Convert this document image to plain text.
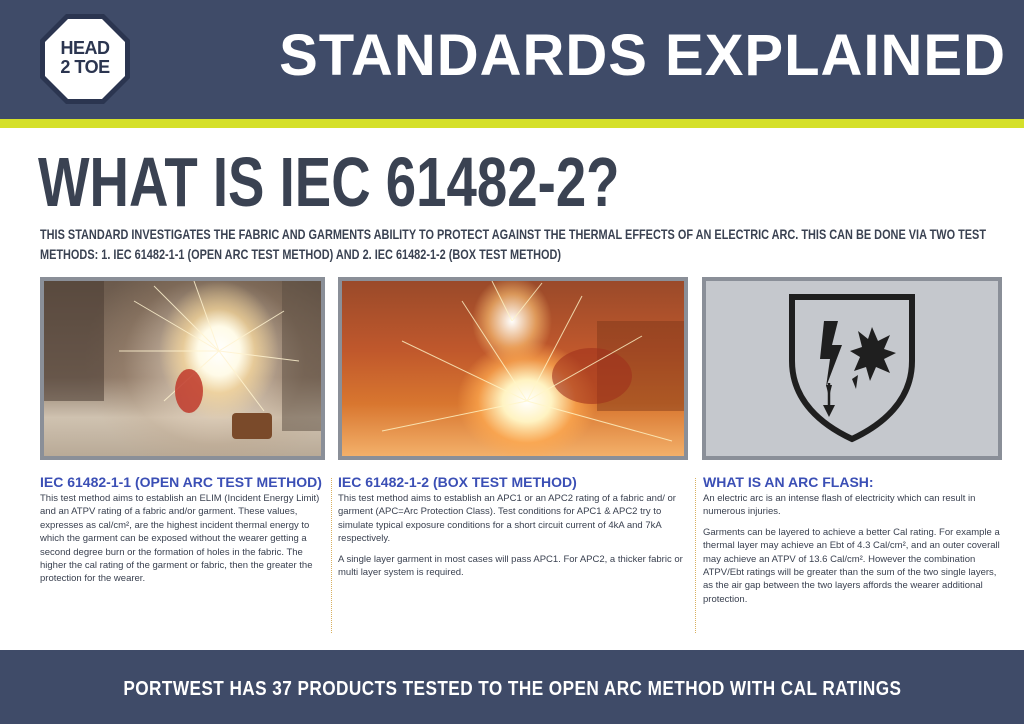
HEAD
2 TOE	STANDARDS EXPLAINED
WHAT IS IEC 61482-2?
THIS STANDARD INVESTIGATES THE FABRIC AND GARMENTS ABILITY TO PROTECT AGAINST THE THERMAL EFFECTS OF AN ELECTRIC ARC. THIS CAN BE DONE VIA TWO TEST METHODS: 1. IEC 61482-1-1 (OPEN ARC TEST METHOD) AND 2. IEC 61482-1-2 (BOX TEST METHOD)
IEC 61482-1-1 (OPEN ARC TEST METHOD)

This test method aims to establish an ELIM (Incident Energy Limit) and an ATPV rating of a fabric and/or garment. These values, expresses as cal/cm², are the highest incident thermal energy to which the garment can be exposed without the wearer getting a second degree burn or the formation of holes in the fabric. The higher the cal rating of the garment or fabric, then the greater the protection for the wearer.

IEC 61482-1-2 (BOX TEST METHOD)

This test method aims to establish an APC1 or an APC2 rating of a fabric and/ or garment (APC=Arc Protection Class). Test conditions for APC1 & APC2 try to simulate typical exposure conditions for a short circuit current of 4kA and 7kA respectively.

A single layer garment in most cases will pass APC1. For APC2, a thicker fabric or multi layer system is required.

WHAT IS AN ARC FLASH:

An electric arc is an intense flash of electricity which can result in numerous injuries.

Garments can be layered to achieve a better Cal rating. For example a thermal layer may achieve an Ebt of 4.3 Cal/cm², and an outer coverall may achieve an ATPV of 13.6 Cal/cm². However the combination ATPV/Ebt ratings will be greater than the sum of the two single layers, as the air gap between the two layers affords the wearer additional protection.

PORTWEST HAS 37 PRODUCTS TESTED TO THE OPEN ARC METHOD WITH CAL RATINGS
